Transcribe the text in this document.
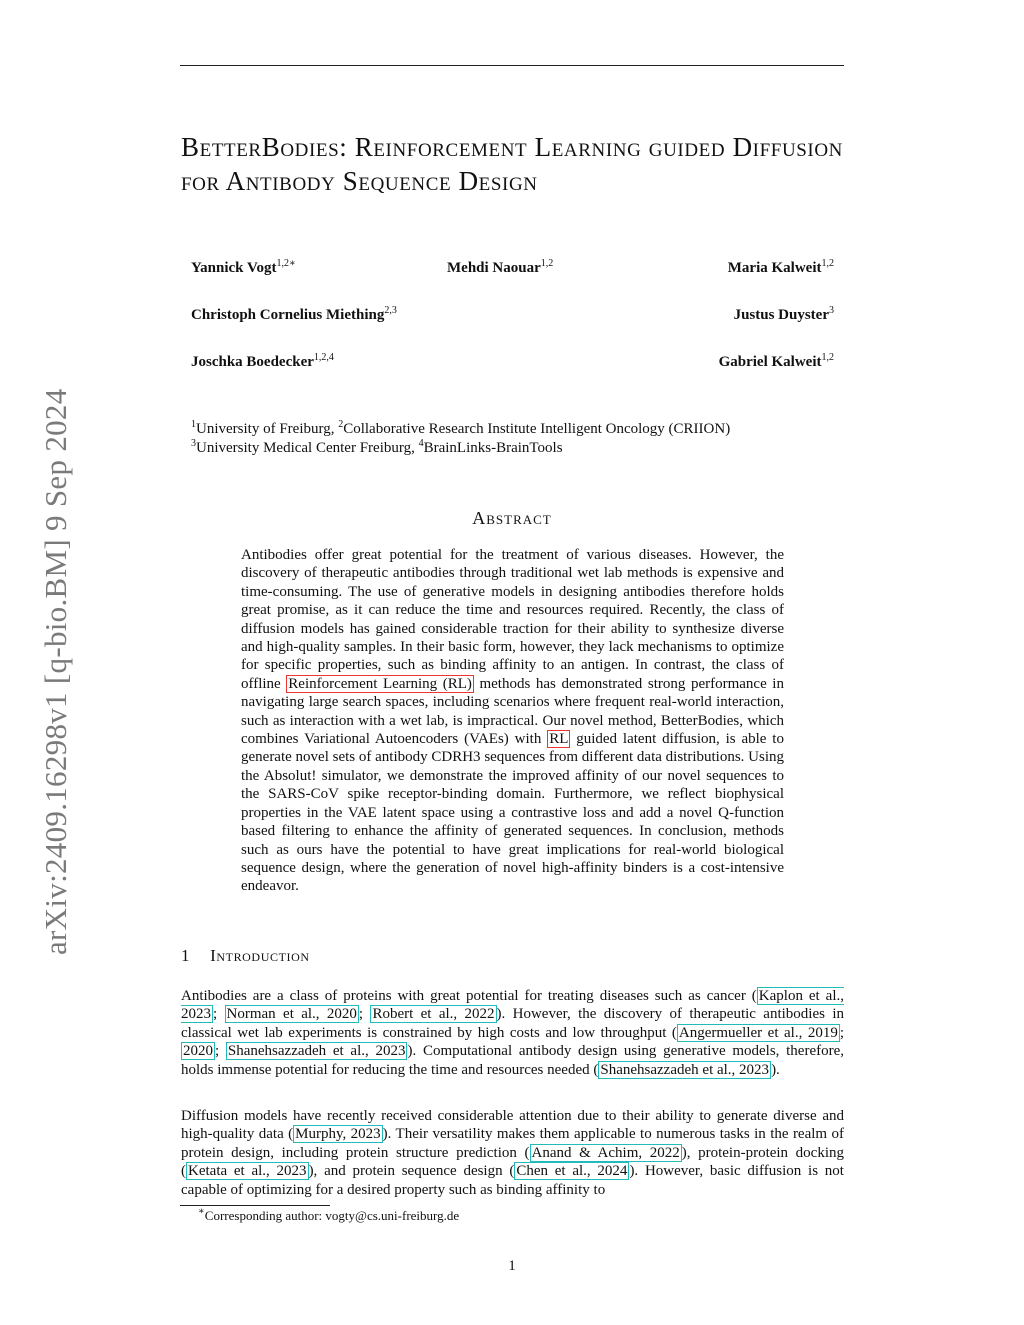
arXiv:2409.16298v1 [q-bio.BM] 9 Sep 2024
BetterBodies: Reinforcement Learning guided Diffusion for Antibody Sequence Design
Yannick Vogt$^{1,2∗}$	Mehdi Naouar$^{1,2}$	Maria Kalweit$^{1,2}$
Christoph Cornelius Miething$^{2,3}$	Justus Duyster$^3$
Joschka Boedecker$^{1,2,4}$	Gabriel Kalweit$^{1,2}$
$^1$University of Freiburg, $^2$Collaborative Research Institute Intelligent Oncology (CRIION)
$^3$University Medical Center Freiburg, $^4$BrainLinks-BrainTools
Abstract

Antibodies offer great potential for the treatment of various diseases. However, the discovery of therapeutic antibodies through traditional wet lab methods is expensive and time-consuming. The use of generative models in designing antibodies therefore holds great promise, as it can reduce the time and resources required. Recently, the class of diffusion models has gained considerable traction for their ability to synthesize diverse and high-quality samples. In their basic form, however, they lack mechanisms to optimize for specific properties, such as binding affinity to an antigen. In contrast, the class of offline Reinforcement Learning (RL) methods has demonstrated strong performance in navigating large search spaces, including scenarios where frequent real-world interaction, such as interaction with a wet lab, is impractical. Our novel method, BetterBodies, which combines Variational Autoencoders (VAEs) with RL guided latent diffusion, is able to generate novel sets of antibody CDRH3 sequences from different data distributions. Using the Absolut! simulator, we demonstrate the improved affinity of our novel sequences to the SARS-CoV spike receptor-binding domain. Furthermore, we reflect biophysical properties in the VAE latent space using a contrastive loss and add a novel Q-function based filtering to enhance the affinity of generated sequences. In conclusion, methods such as ours have the potential to have great implications for real-world biological sequence design, where the generation of novel high-affinity binders is a cost-intensive endeavor.

1 Introduction

Antibodies are a class of proteins with great potential for treating diseases such as cancer ( Kaplon et al., 2023 ; Norman et al., 2020 ; Robert et al., 2022 ). However, the discovery of therapeutic antibodies in classical wet lab experiments is constrained by high costs and low throughput ( Angermueller et al., 2019 ; 2020 ; Shanehsazzadeh et al., 2023 ). Computational antibody design using generative models, therefore, holds immense potential for reducing the time and resources needed ( Shanehsazzadeh et al., 2023 ).

Diffusion models have recently received considerable attention due to their ability to generate diverse and high-quality data ( Murphy, 2023 ). Their versatility makes them applicable to numerous tasks in the realm of protein design, including protein structure prediction ( Anand & Achim, 2022 ), protein-protein docking ( Ketata et al., 2023 ), and protein sequence design ( Chen et al., 2024 ). However, basic diffusion is not capable of optimizing for a desired property such as binding affinity to

∗Corresponding author: vogty@cs.uni-freiburg.de
1
